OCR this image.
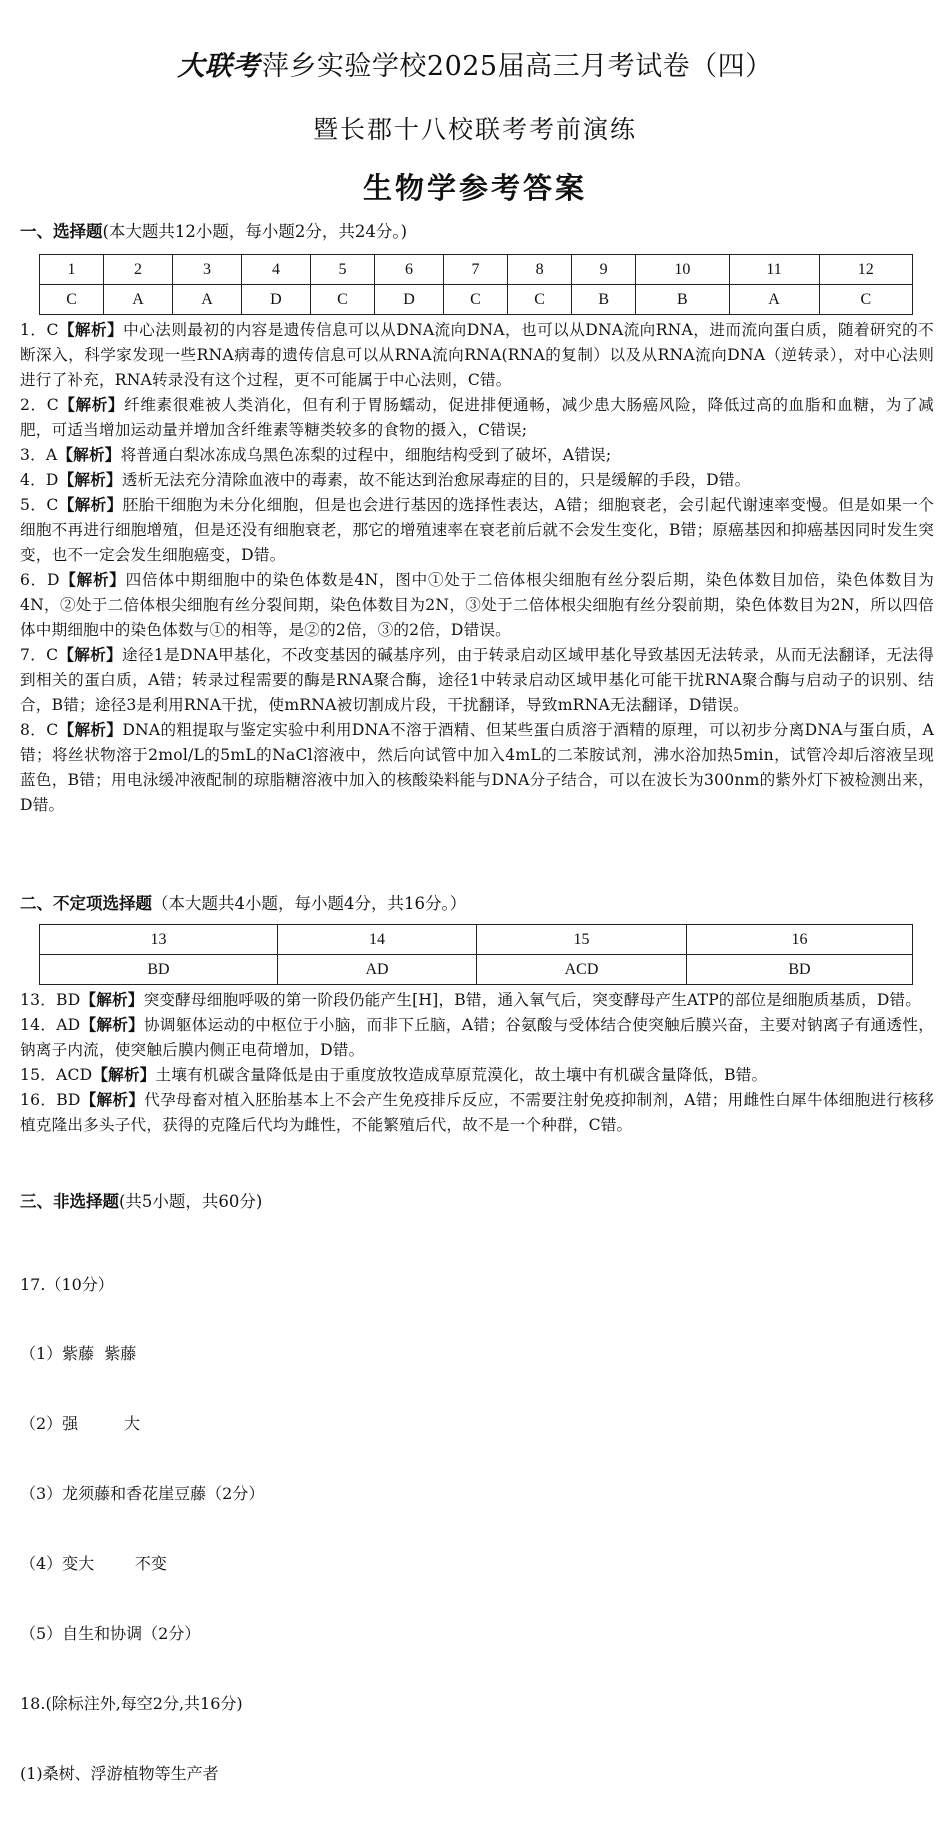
大联考萍乡实验学校2025届高三月考试卷（四）
暨长郡十八校联考考前演练
生物学参考答案
一、选择题(本大题共12小题，每小题2分，共24分。)
1	2	3	4	5	6	7	8	9	10	11	12
C	A	A	D	C	D	C	C	B	B	A	C
1．C【解析】中心法则最初的内容是遗传信息可以从DNA流向DNA，也可以从DNA流向RNA，进而流向蛋白质，随着研究的不断深入，科学家发现一些RNA病毒的遗传信息可以从RNA流向RNA(RNA的复制）以及从RNA流向DNA（逆转录），对中心法则进行了补充，RNA转录没有这个过程，更不可能属于中心法则，C错。
2．C【解析】纤维素很难被人类消化，但有利于胃肠蠕动，促进排便通畅，减少患大肠癌风险，降低过高的血脂和血糖，为了减肥，可适当增加运动量并增加含纤维素等糖类较多的食物的摄入，C错误;
3．A【解析】将普通白梨冰冻成乌黑色冻梨的过程中，细胞结构受到了破坏，A错误;
4．D【解析】透析无法充分清除血液中的毒素，故不能达到治愈尿毒症的目的，只是缓解的手段，D错。
5．C【解析】胚胎干细胞为未分化细胞，但是也会进行基因的选择性表达，A错；细胞衰老，会引起代谢速率变慢。但是如果一个细胞不再进行细胞增殖，但是还没有细胞衰老，那它的增殖速率在衰老前后就不会发生变化，B错；原癌基因和抑癌基因同时发生突变，也不一定会发生细胞癌变，D错。
6．D【解析】四倍体中期细胞中的染色体数是4N，图中①处于二倍体根尖细胞有丝分裂后期，染色体数目加倍，染色体数目为4N，②处于二倍体根尖细胞有丝分裂间期，染色体数目为2N，③处于二倍体根尖细胞有丝分裂前期，染色体数目为2N，所以四倍体中期细胞中的染色体数与①的相等，是②的2倍，③的2倍，D错误。
7．C【解析】途径1是DNA甲基化，不改变基因的碱基序列，由于转录启动区域甲基化导致基因无法转录，从而无法翻译，无法得到相关的蛋白质，A错；转录过程需要的酶是RNA聚合酶，途径1中转录启动区域甲基化可能干扰RNA聚合酶与启动子的识别、结合，B错；途径3是利用RNA干扰，使mRNA被切割成片段，干扰翻译，导致mRNA无法翻译，D错误。
8．C【解析】DNA的粗提取与鉴定实验中利用DNA不溶于酒精、但某些蛋白质溶于酒精的原理，可以初步分离DNA与蛋白质，A错；将丝状物溶于2mol/L的5mL的NaCl溶液中，然后向试管中加入4mL的二苯胺试剂，沸水浴加热5min，试管冷却后溶液呈现蓝色，B错；用电泳缓冲液配制的琼脂糖溶液中加入的核酸染料能与DNA分子结合，可以在波长为300nm的紫外灯下被检测出来，D错。
二、不定项选择题（本大题共4小题，每小题4分，共16分。）
13	14	15	16
BD	AD	ACD	BD
13．BD【解析】突变酵母细胞呼吸的第一阶段仍能产生[H]，B错，通入氧气后，突变酵母产生ATP的部位是细胞质基质，D错。
14．AD【解析】协调躯体运动的中枢位于小脑，而非下丘脑，A错；谷氨酸与受体结合使突触后膜兴奋，主要对钠离子有通透性，钠离子内流，使突触后膜内侧正电荷增加，D错。
15．ACD【解析】土壤有机碳含量降低是由于重度放牧造成草原荒漠化，故土壤中有机碳含量降低，B错。
16．BD【解析】代孕母畜对植入胚胎基本上不会产生免疫排斥反应，不需要注射免疫抑制剂，A错；用雌性白犀牛体细胞进行核移植克隆出多头子代，获得的克隆后代均为雌性，不能繁殖后代，故不是一个种群，C错。
三、非选择题(共5小题，共60分)

17.（10分）

（1）紫藤  紫藤

（2）强         大

（3）龙须藤和香花崖豆藤（2分）

（4）变大        不变

（5）自生和协调（2分）

18.(除标注外,每空2分,共16分)

(1)桑树、浮游植物等生产者
